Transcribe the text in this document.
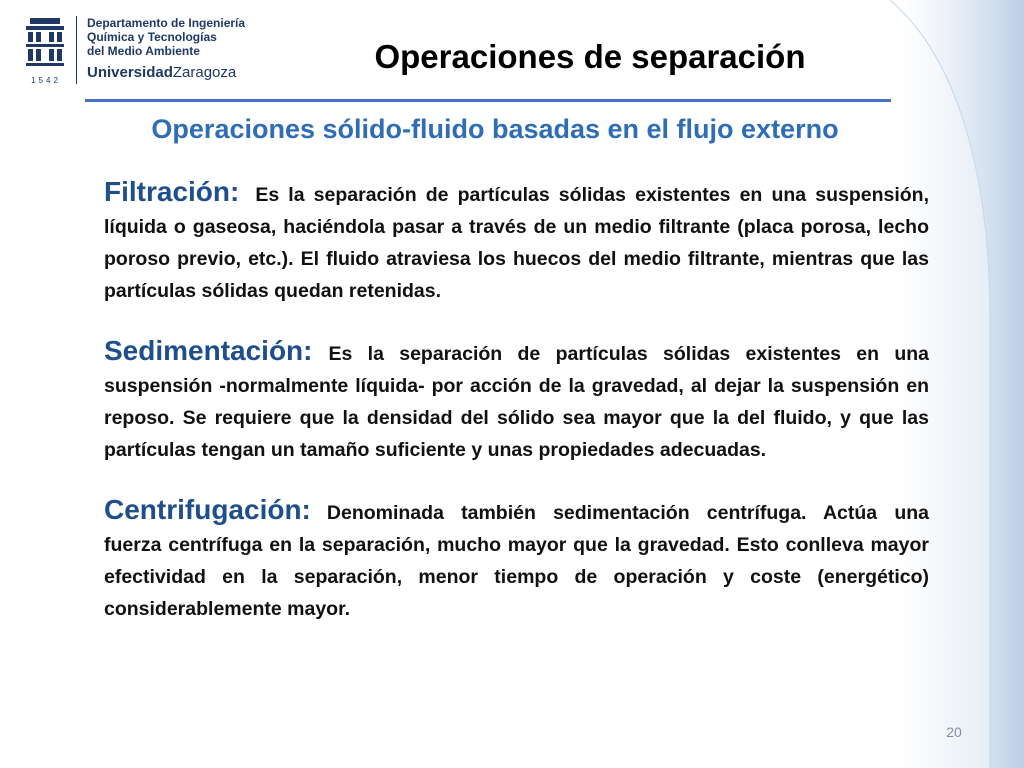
1542
Departamento de Ingeniería
Química y Tecnologías
del Medio Ambiente
UniversidadZaragoza	Operaciones de separación
Operaciones sólido-fluido basadas en el flujo externo

Filtración: Es la separación de partículas sólidas existentes en una suspensión, líquida o gaseosa, haciéndola pasar a través de un medio filtrante (placa porosa, lecho poroso previo, etc.). El fluido atraviesa los huecos del medio filtrante, mientras que las partículas sólidas quedan retenidas.

Sedimentación: Es la separación de partículas sólidas existentes en una suspensión -normalmente líquida- por acción de la gravedad, al dejar la suspensión en reposo. Se requiere que la densidad del sólido sea mayor que la del fluido, y que las partículas tengan un tamaño suficiente y unas propiedades adecuadas.

Centrifugación: Denominada también sedimentación centrífuga. Actúa una fuerza centrífuga en la separación, mucho mayor que la gravedad. Esto conlleva mayor efectividad en la separación, menor tiempo de operación y coste (energético) considerablemente mayor.

20
